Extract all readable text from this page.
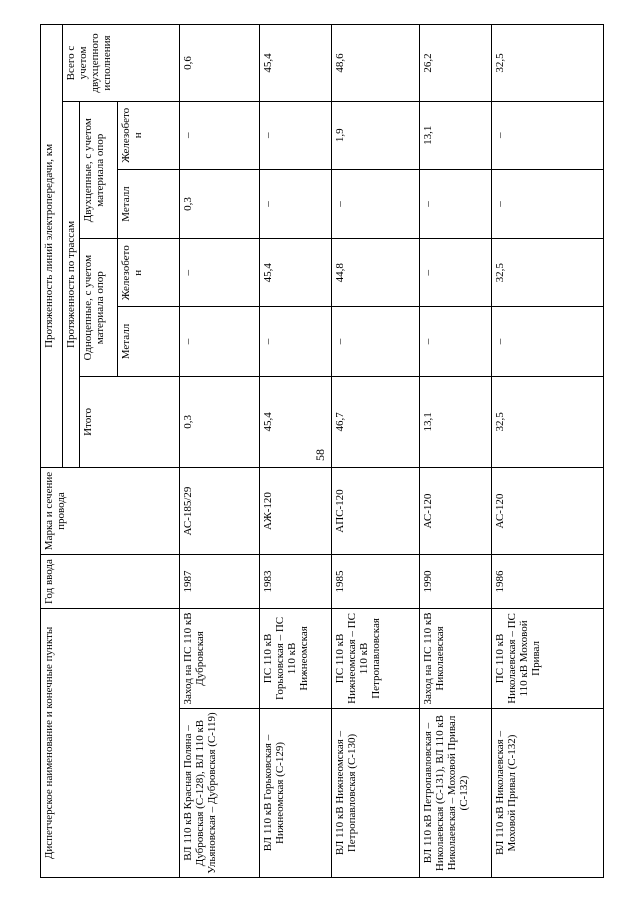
58
Диспетчерское наименование и конечные пункты		Год ввода	Марка и сечение провода	Протяженность линий электропередачи, км					
				Протяженность по трассам					Всего с учетом двухцепного исполнения
				Итого	Одноцепные, с учетом материала опор		Двухцепные, с учетом материала опор		
					Металл	Железобетон	Металл	Железобетон	
ВЛ 110 кВ Красная Поляна – Дубровская (С-128), ВЛ 110 кВ Ульяновская – Дубровская (С-119)	Заход на ПС 110 кВ Дубровская	1987	АС-185/29	0,3	–	–	0,3	–	0,6
ВЛ 110 кВ Горьковская – Нижнеомская (С-129)	ПС 110 кВ Горьковская – ПС 110 кВ Нижнеомская	1983	АЖ-120	45,4	–	45,4	–	–	45,4
ВЛ 110 кВ Нижнеомская – Петропавловская (С-130)	ПС 110 кВ Нижнеомская – ПС 110 кВ Петропавловская	1985	АПС-120	46,7	–	44,8	–	1,9	48,6
ВЛ 110 кВ Петропавловская – Николаевская (С-131), ВЛ 110 кВ Николаевская – Моховой Привал (С-132)	Заход на ПС 110 кВ Николаевская	1990	АС-120	13,1	–	–	–	13,1	26,2
ВЛ 110 кВ Николаевская – Моховой Привал (С-132)	ПС 110 кВ Николаевская – ПС 110 кВ Моховой Привал	1986	АС-120	32,5	–	32,5	–	–	32,5
